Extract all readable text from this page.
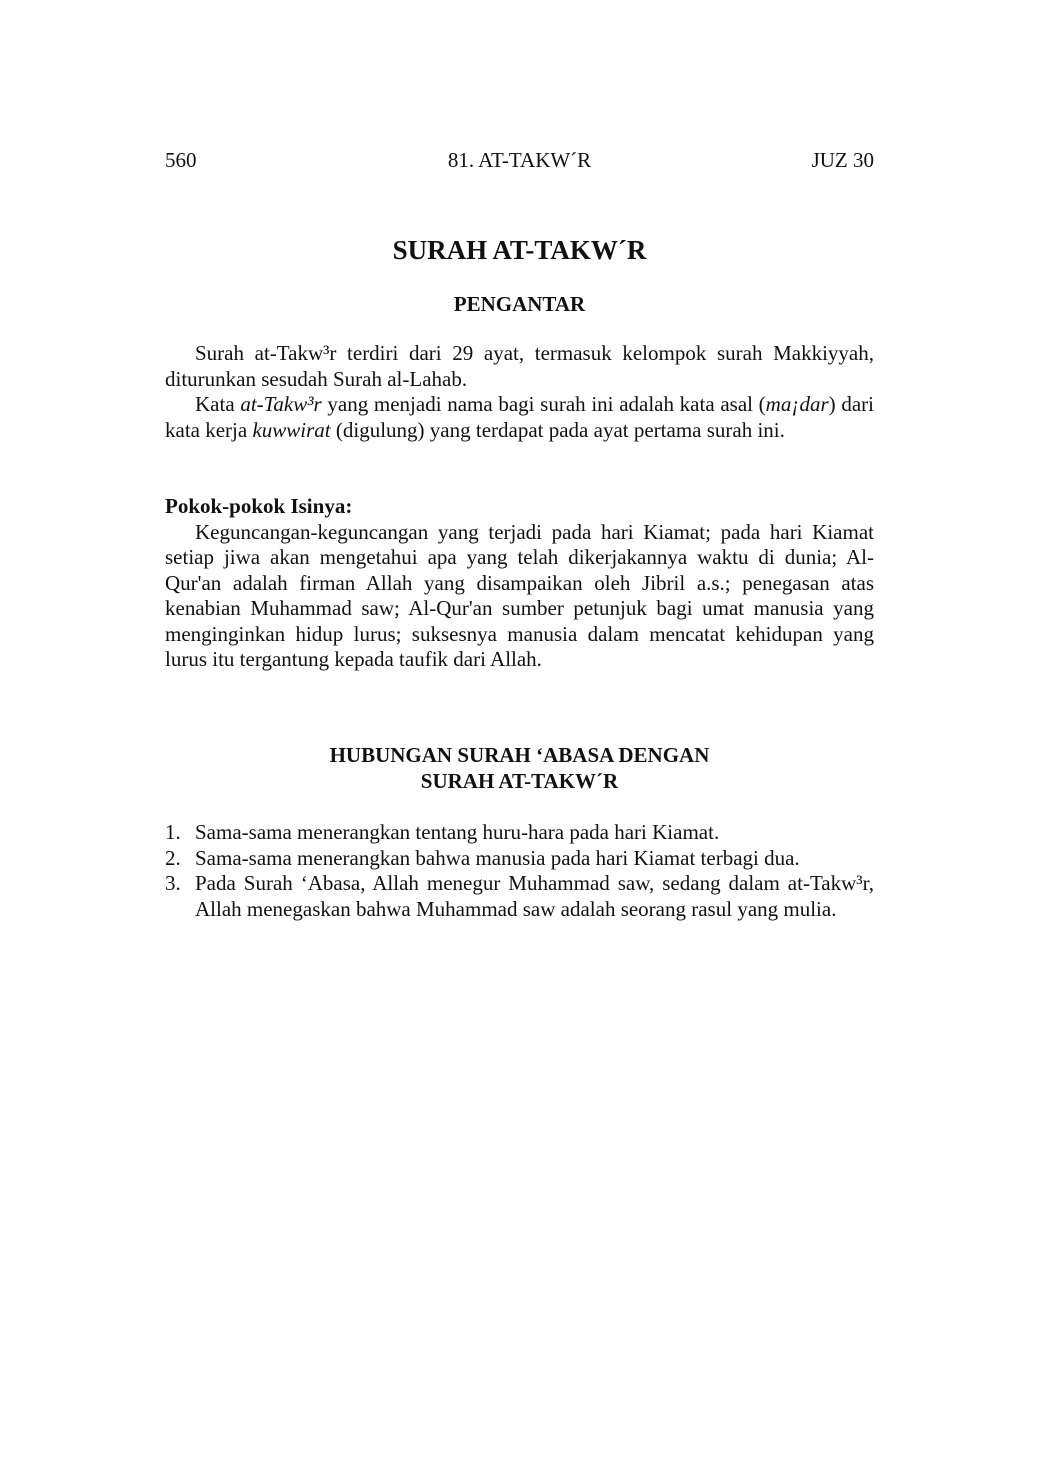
560	81. AT-TAKW´R	JUZ 30
SURAH AT-TAKW´R
PENGANTAR

Surah at-Takw³r terdiri dari 29 ayat, termasuk kelompok surah Makkiyyah, diturunkan sesudah Surah al-Lahab.

Kata at-Takw³r yang menjadi nama bagi surah ini adalah kata asal (ma¡dar) dari kata kerja kuwwirat (digulung) yang terdapat pada ayat pertama surah ini.

Pokok-pokok Isinya:

Keguncangan-keguncangan yang terjadi pada hari Kiamat; pada hari Kiamat setiap jiwa akan mengetahui apa yang telah dikerjakannya waktu di dunia; Al-Qur'an adalah firman Allah yang disampaikan oleh Jibril a.s.; penegasan atas kenabian Muhammad saw; Al-Qur'an sumber petunjuk bagi umat manusia yang menginginkan hidup lurus; suksesnya manusia dalam mencatat kehidupan yang lurus itu tergantung kepada taufik dari Allah.

HUBUNGAN SURAH ‘ABASA DENGAN
SURAH AT-TAKW´R
1. Sama-sama menerangkan tentang huru-hara pada hari Kiamat.
2. Sama-sama menerangkan bahwa manusia pada hari Kiamat terbagi dua.
3. Pada Surah ‘Abasa, Allah menegur Muhammad saw, sedang dalam at-Takw³r, Allah menegaskan bahwa Muhammad saw adalah seorang rasul yang mulia.
